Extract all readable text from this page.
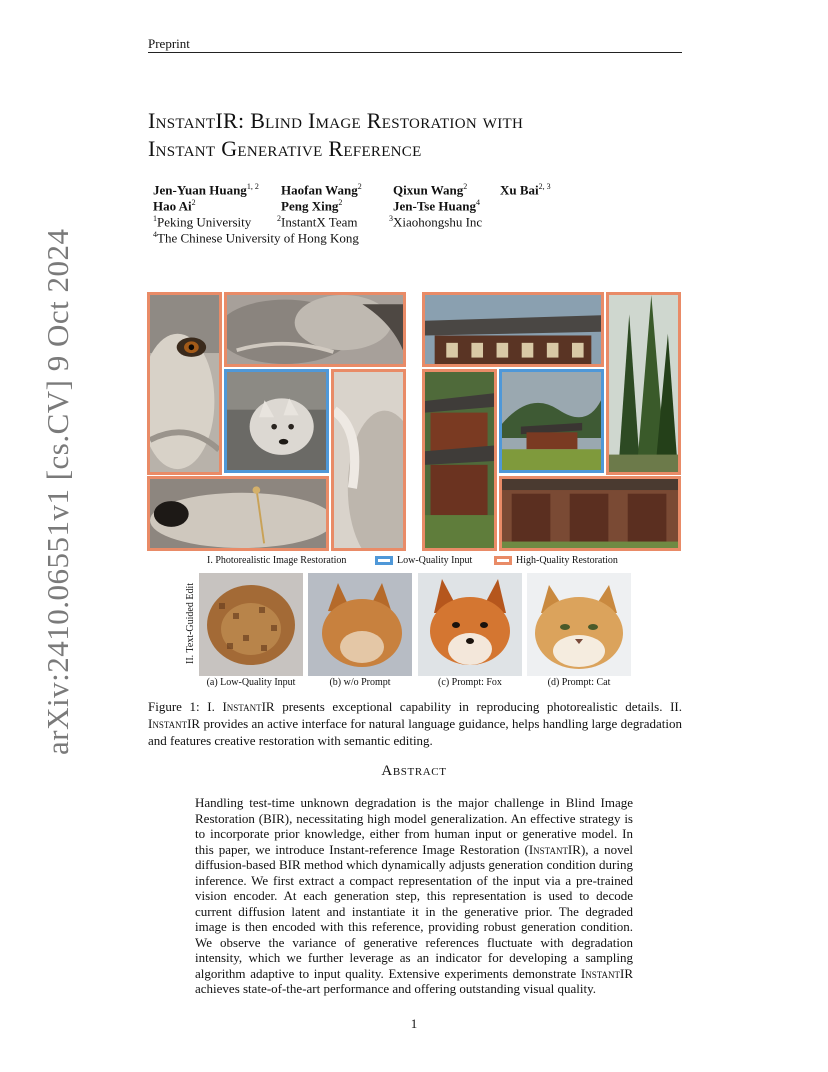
Preprint
InstantIR: Blind Image Restoration with
Instant Generative Reference
Jen-Yuan Huang$^{1, 2}$ Haofan Wang$^2$ Qixun Wang$^2$	Xu Bai$^{2, 3}$
Hao Ai$^2$	Peng Xing$^2$	Jen-Tse Huang$^4$
$^1$Peking University	$^2$InstantX Team	$^3$Xiaohongshu Inc
$^4$The Chinese University of Hong Kong
arXiv:2410.06551v1 [cs.CV] 9 Oct 2024	I. Photorealistic Image Restoration	Low-Quality Input	High-Quality Restoration
II. Text-Guided Edit
(a) Low-Quality Input	(b) w/o Prompt	(c) Prompt: Fox	(d) Prompt: Cat
Figure 1: I. InstantIR presents exceptional capability in reproducing photorealistic details. II. InstantIR provides an active interface for natural language guidance, helps handling large degradation and features creative restoration with semantic editing.
Abstract
Handling test-time unknown degradation is the major challenge in Blind Image Restoration (BIR), necessitating high model generalization. An effective strategy is to incorporate prior knowledge, either from human input or generative model. In this paper, we introduce Instant-reference Image Restoration (InstantIR), a novel diffusion-based BIR method which dynamically adjusts generation condition during inference. We first extract a compact representation of the input via a pre-trained vision encoder. At each generation step, this representation is used to decode current diffusion latent and instantiate it in the generative prior. The degraded image is then encoded with this reference, providing robust generation condition. We observe the variance of generative references fluctuate with degradation intensity, which we further leverage as an indicator for developing a sampling algorithm adaptive to input quality. Extensive experiments demonstrate InstantIR achieves state-of-the-art performance and offering outstanding visual quality.
1
